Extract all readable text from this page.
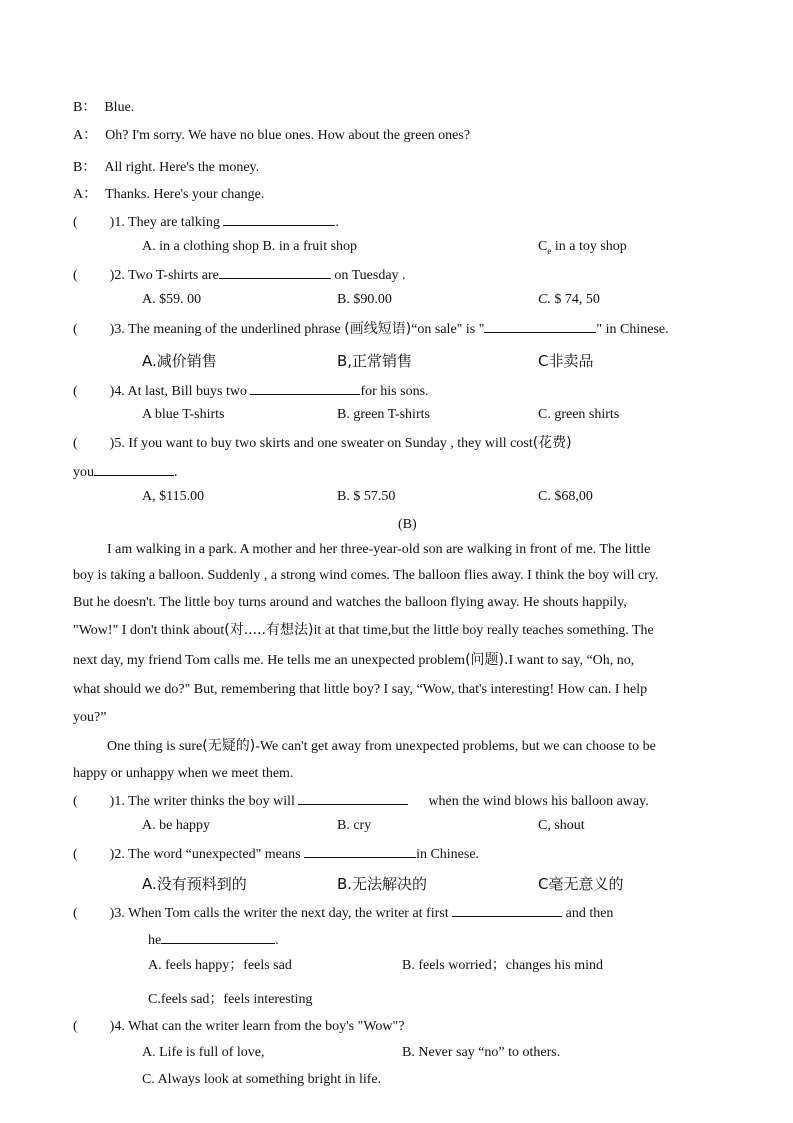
B： Blue.
A： Oh? I'm sorry. We have no blue ones. How about the green ones?
B： All right. Here's the money.
A： Thanks. Here's your change.
( )1. They are talking	.
A. in a clothing shop B. in a fruit shop	$C_e$ in a toy shop
( )2. Two T-shirts are	on Tuesday .
A. $59. 00	B. $90.00	C. $ 74, 50
( )3. The meaning of the underlined phrase (画线短语)“on sale" is "	" in Chinese.
A.减价销售	B,正常销售	C非卖品
( )4. At last, Bill buys two	for his sons.
A blue T-shirts	B. green T-shirts	C. green shirts
( )5. If you want to buy two skirts and one sweater on Sunday , they will cost(花费)
you	.
A, $115.00	B. $ 57.50	C. $68,00
(B)
I am walking in a park. A mother and her three-year-old son are walking in front of me. The little
boy is taking a balloon. Suddenly , a strong wind comes. The balloon flies away. I think the boy will cry.
But he doesn't. The little boy turns around and watches the balloon flying away. He shouts happily,
"Wow!" I don't think about(对.....有想法)it at that time,but the little boy really teaches something. The
next day, my friend Tom calls me. He tells me an unexpected problem(问题).I want to say, “Oh, no,
what should we do?" But, remembering that little boy? I say, “Wow, that's interesting! How can. I help
you?”
One thing is sure(无疑的)-We can't get away from unexpected problems, but we can choose to be
happy or unhappy when we meet them.
( )1. The writer thinks the boy will	when the wind blows his balloon away.
A. be happy	B. cry	C, shout
( )2. The word “unexpected" means	in Chinese.
A.没有预料到的	B.无法解决的	C毫无意义的
( )3. When Tom calls the writer the next day, the writer at first	and then
he	.
A. feels happy；feels sad	B. feels worried；changes his mind
C.feels sad；feels interesting
( )4. What can the writer learn from the boy's "Wow"?
A. Life is full of love,	B. Never say “no” to others.
C. Always look at something bright in life.
